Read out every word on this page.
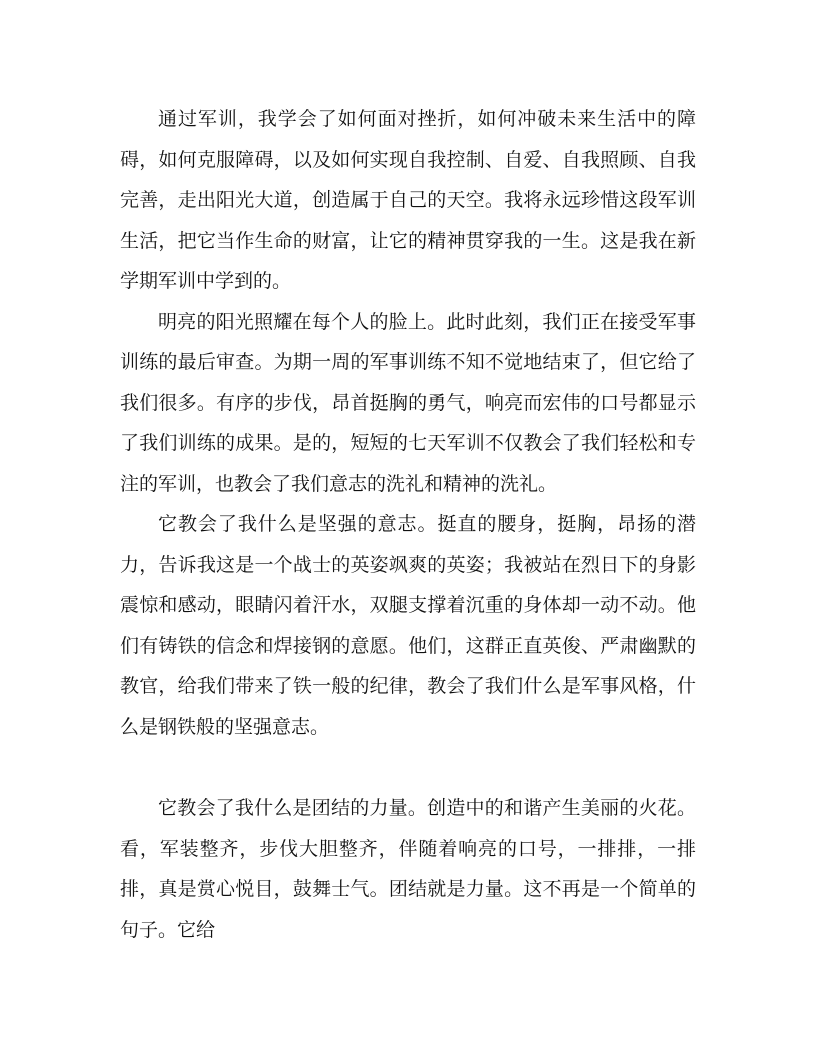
通过军训，我学会了如何面对挫折，如何冲破未来生活中的障碍，如何克服障碍，以及如何实现自我控制、自爱、自我照顾、自我完善，走出阳光大道，创造属于自己的天空。我将永远珍惜这段军训生活，把它当作生命的财富，让它的精神贯穿我的一生。这是我在新学期军训中学到的。

明亮的阳光照耀在每个人的脸上。此时此刻，我们正在接受军事训练的最后审查。为期一周的军事训练不知不觉地结束了，但它给了我们很多。有序的步伐，昂首挺胸的勇气，响亮而宏伟的口号都显示了我们训练的成果。是的，短短的七天军训不仅教会了我们轻松和专注的军训，也教会了我们意志的洗礼和精神的洗礼。

它教会了我什么是坚强的意志。挺直的腰身，挺胸，昂扬的潜力，告诉我这是一个战士的英姿飒爽的英姿；我被站在烈日下的身影震惊和感动，眼睛闪着汗水，双腿支撑着沉重的身体却一动不动。他们有铸铁的信念和焊接钢的意愿。他们，这群正直英俊、严肃幽默的教官，给我们带来了铁一般的纪律，教会了我们什么是军事风格，什么是钢铁般的坚强意志。

它教会了我什么是团结的力量。创造中的和谐产生美丽的火花。看，军装整齐，步伐大胆整齐，伴随着响亮的口号，一排排，一排排，真是赏心悦目，鼓舞士气。团结就是力量。这不再是一个简单的句子。它给
